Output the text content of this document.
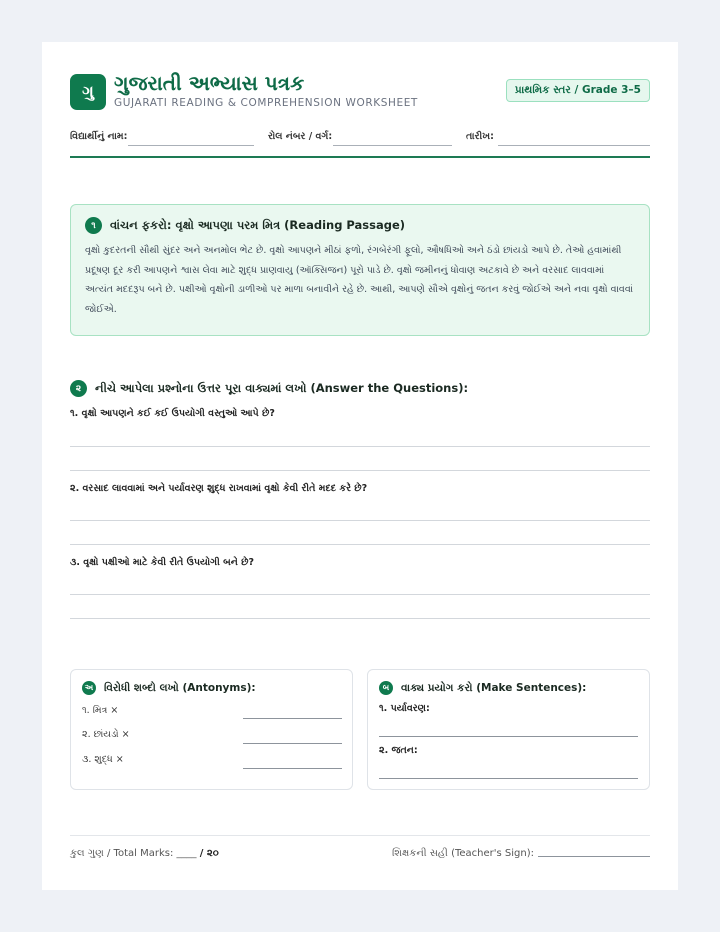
ગુ	ગુજરાતી અભ્યાસ પત્રક
GUJARATI READING & COMPREHENSION WORKSHEET
પ્રાથમિક સ્તર / Grade 3–5
વિદ્યાર્થીનું નામ:	રોલ નંબર / વર્ગ:	તારીખ:
૧	વાંચન ફકરો: વૃક્ષો આપણા પરમ મિત્ર (Reading Passage)

વૃક્ષો કુદરતની સૌથી સુંદર અને અનમોલ ભેટ છે. વૃક્ષો આપણને મીઠાં ફળો, રંગબેરંગી ફૂલો, ઔષધિઓ અને ઠંડો છાંયડો આપે છે. તેઓ હવામાંથી પ્રદૂષણ દૂર કરી આપણને શ્વાસ લેવા માટે શુદ્ધ પ્રાણવાયુ (ઑક્સિજન) પૂરો પાડે છે. વૃક્ષો જમીનનું ધોવાણ અટકાવે છે અને વરસાદ લાવવામાં અત્યંત મદદરૂપ બને છે. પક્ષીઓ વૃક્ષોની ડાળીઓ પર માળા બનાવીને રહે છે. આથી, આપણે સૌએ વૃક્ષોનું જતન કરવું જોઈએ અને નવા વૃક્ષો વાવવાં જોઈએ.

૨	નીચે આપેલા પ્રશ્નોના ઉત્તર પૂરા વાક્યમાં લખો (Answer the Questions):
૧. વૃક્ષો આપણને કઈ કઈ ઉપયોગી વસ્તુઓ આપે છે?
૨. વરસાદ લાવવામાં અને પર્યાવરણ શુદ્ધ રાખવામાં વૃક્ષો કેવી રીતે મદદ કરે છે?
૩. વૃક્ષો પક્ષીઓ માટે કેવી રીતે ઉપયોગી બને છે?
અ વિરોધી શબ્દો લખો (Antonyms):
૧. મિત્ર ×
૨. છાંયડો ×
૩. શુદ્ધ ×
બ	વાક્ય પ્રયોગ કરો (Make Sentences):
૧. પર્યાવરણ:
૨. જતન:
કુલ ગુણ / Total Marks: ____ / ૨૦	શિક્ષકની સહી (Teacher's Sign):
